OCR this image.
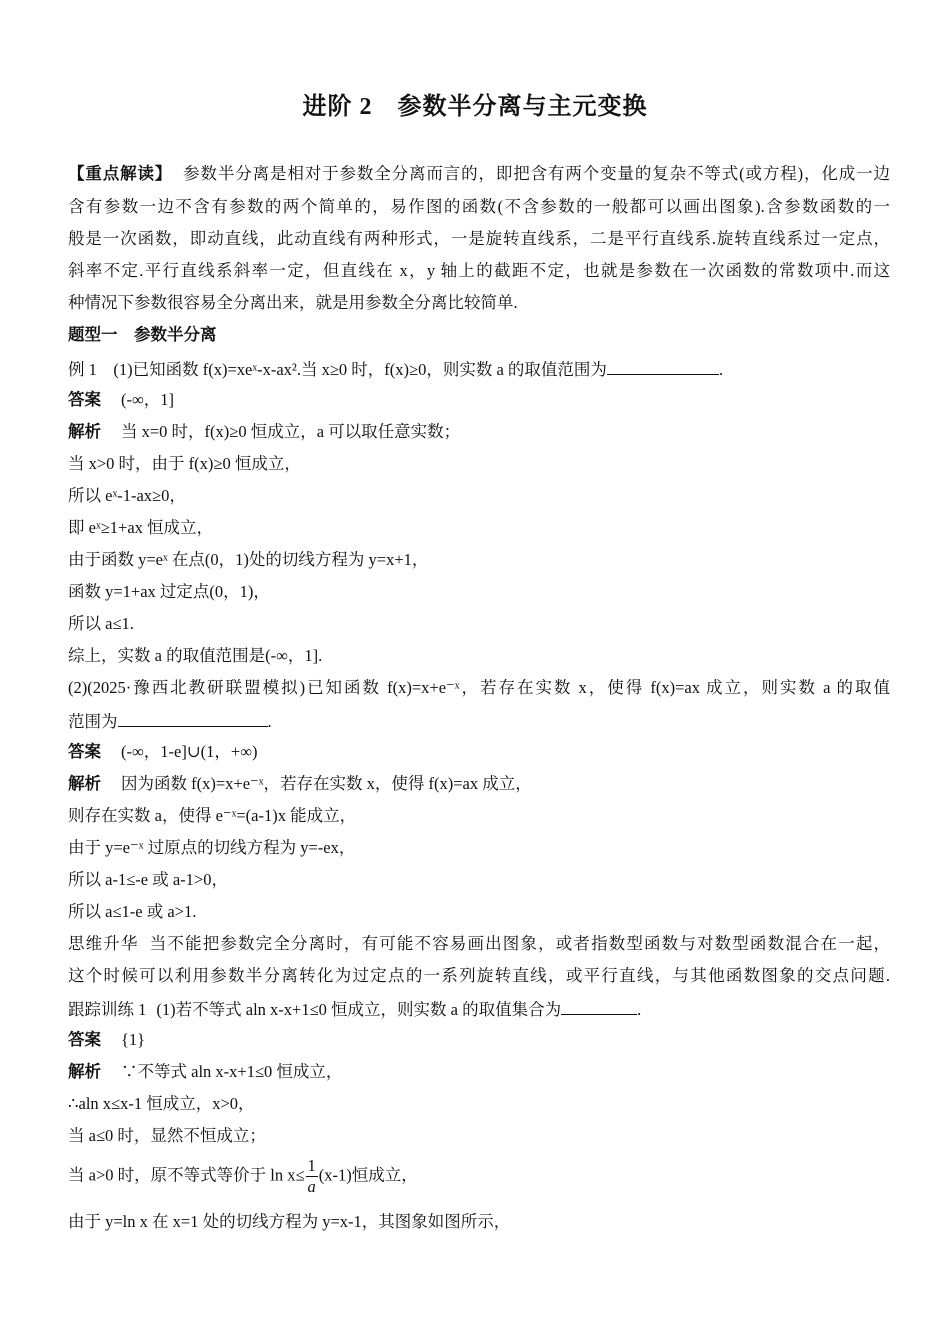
进阶 2　参数半分离与主元变换
【重点解读】 参数半分离是相对于参数全分离而言的，即把含有两个变量的复杂不等式(或方程)，化成一边
含有参数一边不含有参数的两个简单的，易作图的函数(不含参数的一般都可以画出图象).含参数函数的一
般是一次函数，即动直线，此动直线有两种形式，一是旋转直线系，二是平行直线系.旋转直线系过一定点，
斜率不定.平行直线系斜率一定，但直线在 x，y 轴上的截距不定，也就是参数在一次函数的常数项中.而这
种情况下参数很容易全分离出来，就是用参数全分离比较简单.
题型一　参数半分离
例 1　(1)已知函数 f(x)=xeˣ-x-ax².当 x≥0 时，f(x)≥0，则实数 a 的取值范围为	.
答案 (-∞，1]
解析 当 x=0 时，f(x)≥0 恒成立，a 可以取任意实数；
当 x>0 时，由于 f(x)≥0 恒成立，
所以 eˣ-1-ax≥0，
即 eˣ≥1+ax 恒成立，
由于函数 y=eˣ 在点(0，1)处的切线方程为 y=x+1，
函数 y=1+ax 过定点(0，1)，
所以 a≤1.
综上，实数 a 的取值范围是(-∞，1].
(2)(2025·豫西北教研联盟模拟)已知函数 f(x)=x+e⁻ˣ，若存在实数 x，使得 f(x)=ax 成立，则实数 a 的取值
范围为	.
答案 (-∞，1-e]∪(1，+∞)
解析 因为函数 f(x)=x+e⁻ˣ，若存在实数 x，使得 f(x)=ax 成立，
则存在实数 a，使得 e⁻ˣ=(a-1)x 能成立，
由于 y=e⁻ˣ 过原点的切线方程为 y=-ex，
所以 a-1≤-e 或 a-1>0，
所以 a≤1-e 或 a>1.
思维升华 当不能把参数完全分离时，有可能不容易画出图象，或者指数型函数与对数型函数混合在一起，
这个时候可以利用参数半分离转化为过定点的一系列旋转直线，或平行直线，与其他函数图象的交点问题.
跟踪训练 1 (1)若不等式 aln x-x+1≤0 恒成立，则实数 a 的取值集合为	.
答案 {1}
解析 ∵不等式 aln x-x+1≤0 恒成立，
∴aln x≤x-1 恒成立，x>0，
当 a≤0 时，显然不恒成立；
当 a>0 时，原不等式等价于 $\ln x\le \frac{1}{a} (x-1)$恒成立，
由于 y=ln x 在 x=1 处的切线方程为 y=x-1，其图象如图所示，
